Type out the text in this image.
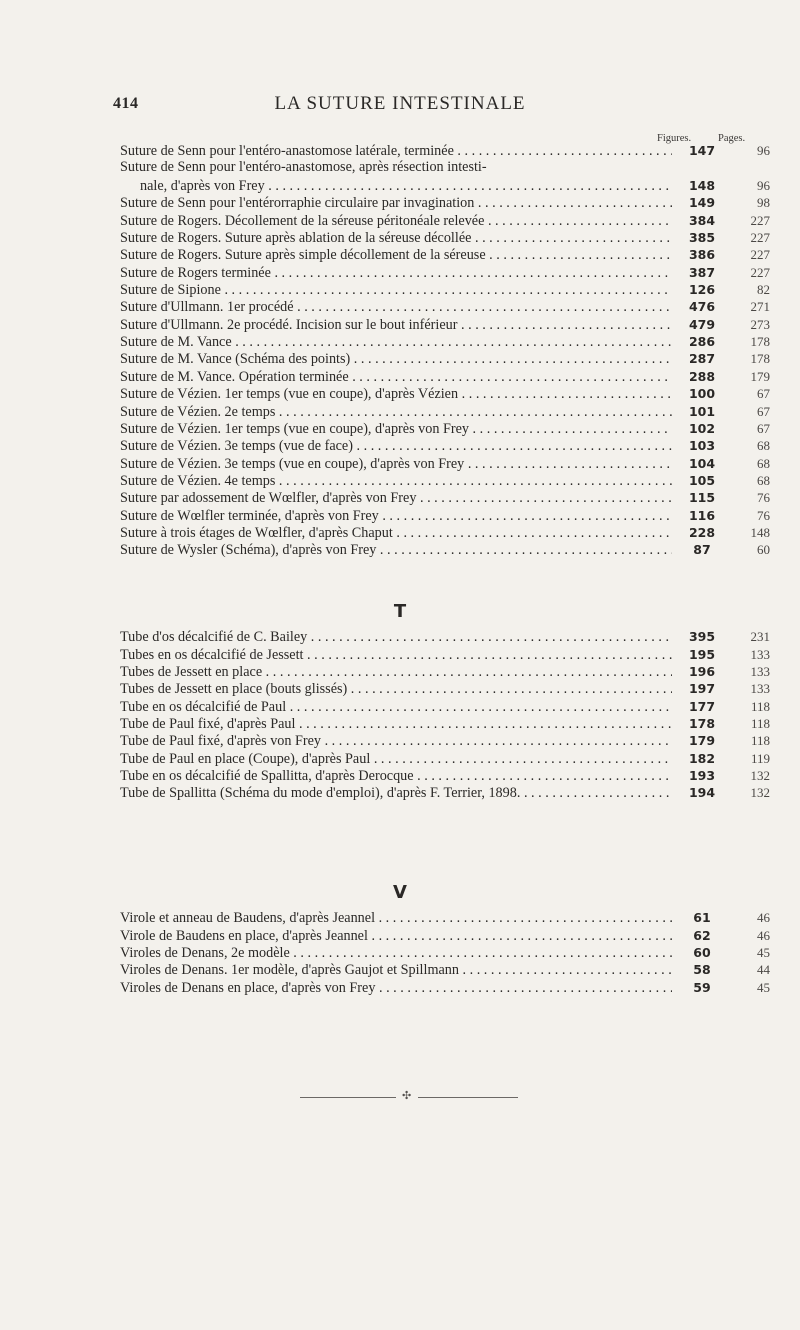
414	LA SUTURE INTESTINALE
Figures.	Pages.
Suture de Senn pour l'entéro-anastomose latérale, terminée . . .	147	96
Suture de Senn pour l'entéro-anastomose, après résection intesti-
nale, d'après von Frey . . .	148	96
Suture de Senn pour l'entérorraphie circulaire par invagination . . .	149	98
Suture de Rogers. Décollement de la séreuse péritonéale relevée . . .	384	227
Suture de Rogers. Suture après ablation de la séreuse décollée . . .	385	227
Suture de Rogers. Suture après simple décollement de la séreuse . . .	386	227
Suture de Rogers terminée . . .	387	227
Suture de Sipione . . .	126	82
Suture d'Ullmann. 1er procédé . . .	476	271
Suture d'Ullmann. 2e procédé. Incision sur le bout inférieur . . .	479	273
Suture de M. Vance . . .	286	178
Suture de M. Vance (Schéma des points) . . .	287	178
Suture de M. Vance. Opération terminée . . .	288	179
Suture de Vézien. 1er temps (vue en coupe), d'après Vézien . . .	100	67
Suture de Vézien. 2e temps . . .	101	67
Suture de Vézien. 1er temps (vue en coupe), d'après von Frey . . .	102	67
Suture de Vézien. 3e temps (vue de face) . . .	103	68
Suture de Vézien. 3e temps (vue en coupe), d'après von Frey . . .	104	68
Suture de Vézien. 4e temps . . .	105	68
Suture par adossement de Wœlfler, d'après von Frey . . .	115	76
Suture de Wœlfler terminée, d'après von Frey . . .	116	76
Suture à trois étages de Wœlfler, d'après Chaput . . .	228	148
Suture de Wysler (Schéma), d'après von Frey . . .	87	60
T
Tube d'os décalcifié de C. Bailey . . .	395	231
Tubes en os décalcifié de Jessett . . .	195	133
Tubes de Jessett en place . . .	196	133
Tubes de Jessett en place (bouts glissés) . . .	197	133
Tube en os décalcifié de Paul . . .	177	118
Tube de Paul fixé, d'après Paul . . .	178	118
Tube de Paul fixé, d'après von Frey . . .	179	118
Tube de Paul en place (Coupe), d'après Paul . . .	182	119
Tube en os décalcifié de Spallitta, d'après Derocque . . .	193	132
Tube de Spallitta (Schéma du mode d'emploi), d'après F. Terrier, 1898. . . .	194	132
V
Virole et anneau de Baudens, d'après Jeannel . . .	61	46
Virole de Baudens en place, d'après Jeannel . . .	62	46
Viroles de Denans, 2e modèle . . .	60	45
Viroles de Denans. 1er modèle, d'après Gaujot et Spillmann . . .	58	44
Viroles de Denans en place, d'après von Frey . . .	59	45
✣
